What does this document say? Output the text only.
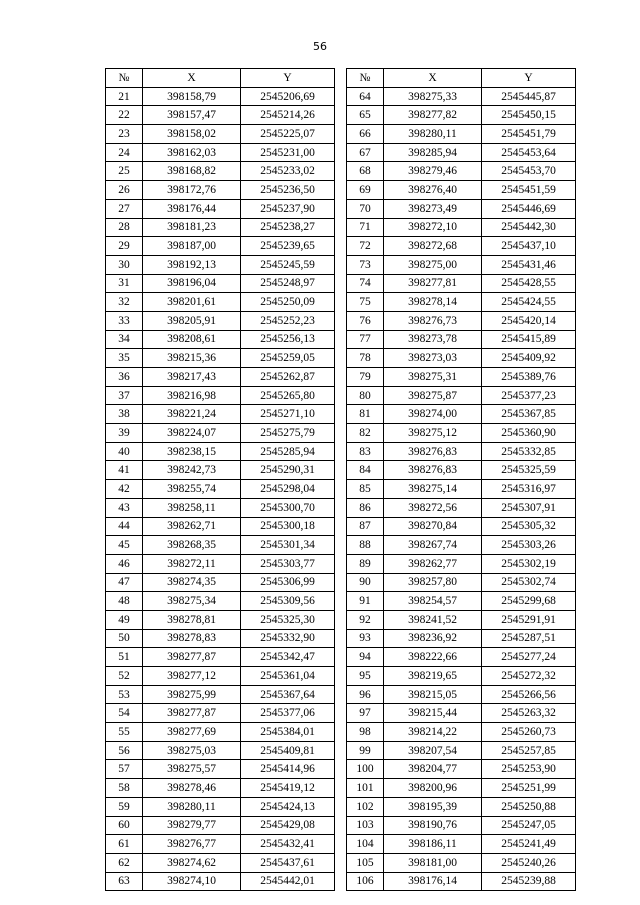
56
№	X	Y		№	X	Y
21	398158,79	2545206,69		64	398275,33	2545445,87
22	398157,47	2545214,26		65	398277,82	2545450,15
23	398158,02	2545225,07		66	398280,11	2545451,79
24	398162,03	2545231,00		67	398285,94	2545453,64
25	398168,82	2545233,02		68	398279,46	2545453,70
26	398172,76	2545236,50		69	398276,40	2545451,59
27	398176,44	2545237,90		70	398273,49	2545446,69
28	398181,23	2545238,27		71	398272,10	2545442,30
29	398187,00	2545239,65		72	398272,68	2545437,10
30	398192,13	2545245,59		73	398275,00	2545431,46
31	398196,04	2545248,97		74	398277,81	2545428,55
32	398201,61	2545250,09		75	398278,14	2545424,55
33	398205,91	2545252,23		76	398276,73	2545420,14
34	398208,61	2545256,13		77	398273,78	2545415,89
35	398215,36	2545259,05		78	398273,03	2545409,92
36	398217,43	2545262,87		79	398275,31	2545389,76
37	398216,98	2545265,80		80	398275,87	2545377,23
38	398221,24	2545271,10		81	398274,00	2545367,85
39	398224,07	2545275,79		82	398275,12	2545360,90
40	398238,15	2545285,94		83	398276,83	2545332,85
41	398242,73	2545290,31		84	398276,83	2545325,59
42	398255,74	2545298,04		85	398275,14	2545316,97
43	398258,11	2545300,70		86	398272,56	2545307,91
44	398262,71	2545300,18		87	398270,84	2545305,32
45	398268,35	2545301,34		88	398267,74	2545303,26
46	398272,11	2545303,77		89	398262,77	2545302,19
47	398274,35	2545306,99		90	398257,80	2545302,74
48	398275,34	2545309,56		91	398254,57	2545299,68
49	398278,81	2545325,30		92	398241,52	2545291,91
50	398278,83	2545332,90		93	398236,92	2545287,51
51	398277,87	2545342,47		94	398222,66	2545277,24
52	398277,12	2545361,04		95	398219,65	2545272,32
53	398275,99	2545367,64		96	398215,05	2545266,56
54	398277,87	2545377,06		97	398215,44	2545263,32
55	398277,69	2545384,01		98	398214,22	2545260,73
56	398275,03	2545409,81		99	398207,54	2545257,85
57	398275,57	2545414,96		100	398204,77	2545253,90
58	398278,46	2545419,12		101	398200,96	2545251,99
59	398280,11	2545424,13		102	398195,39	2545250,88
60	398279,77	2545429,08		103	398190,76	2545247,05
61	398276,77	2545432,41		104	398186,11	2545241,49
62	398274,62	2545437,61		105	398181,00	2545240,26
63	398274,10	2545442,01		106	398176,14	2545239,88
